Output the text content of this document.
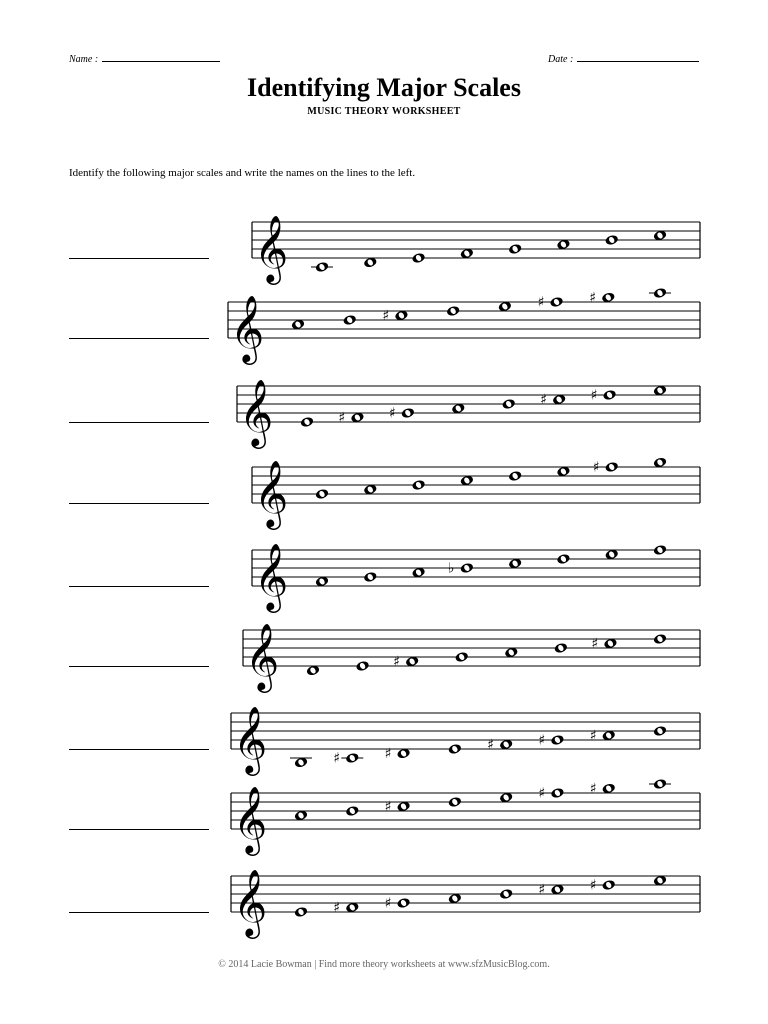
Name :	Date :
Identifying Major Scales
MUSIC THEORY WORKSHEET
Identify the following major scales and write the names on the lines to the left.
𝄞
𝄞	♯
♯	♯
𝄞	♯	♯
♯	♯
𝄞	♯
𝄞	♭
𝄞	♯
♯
𝄞	♯	♯
♯	♯	♯
𝄞	♯
♯	♯
𝄞	♯	♯
♯	♯
© 2014 Lacie Bowman | Find more theory worksheets at www.sfzMusicBlog.com.
